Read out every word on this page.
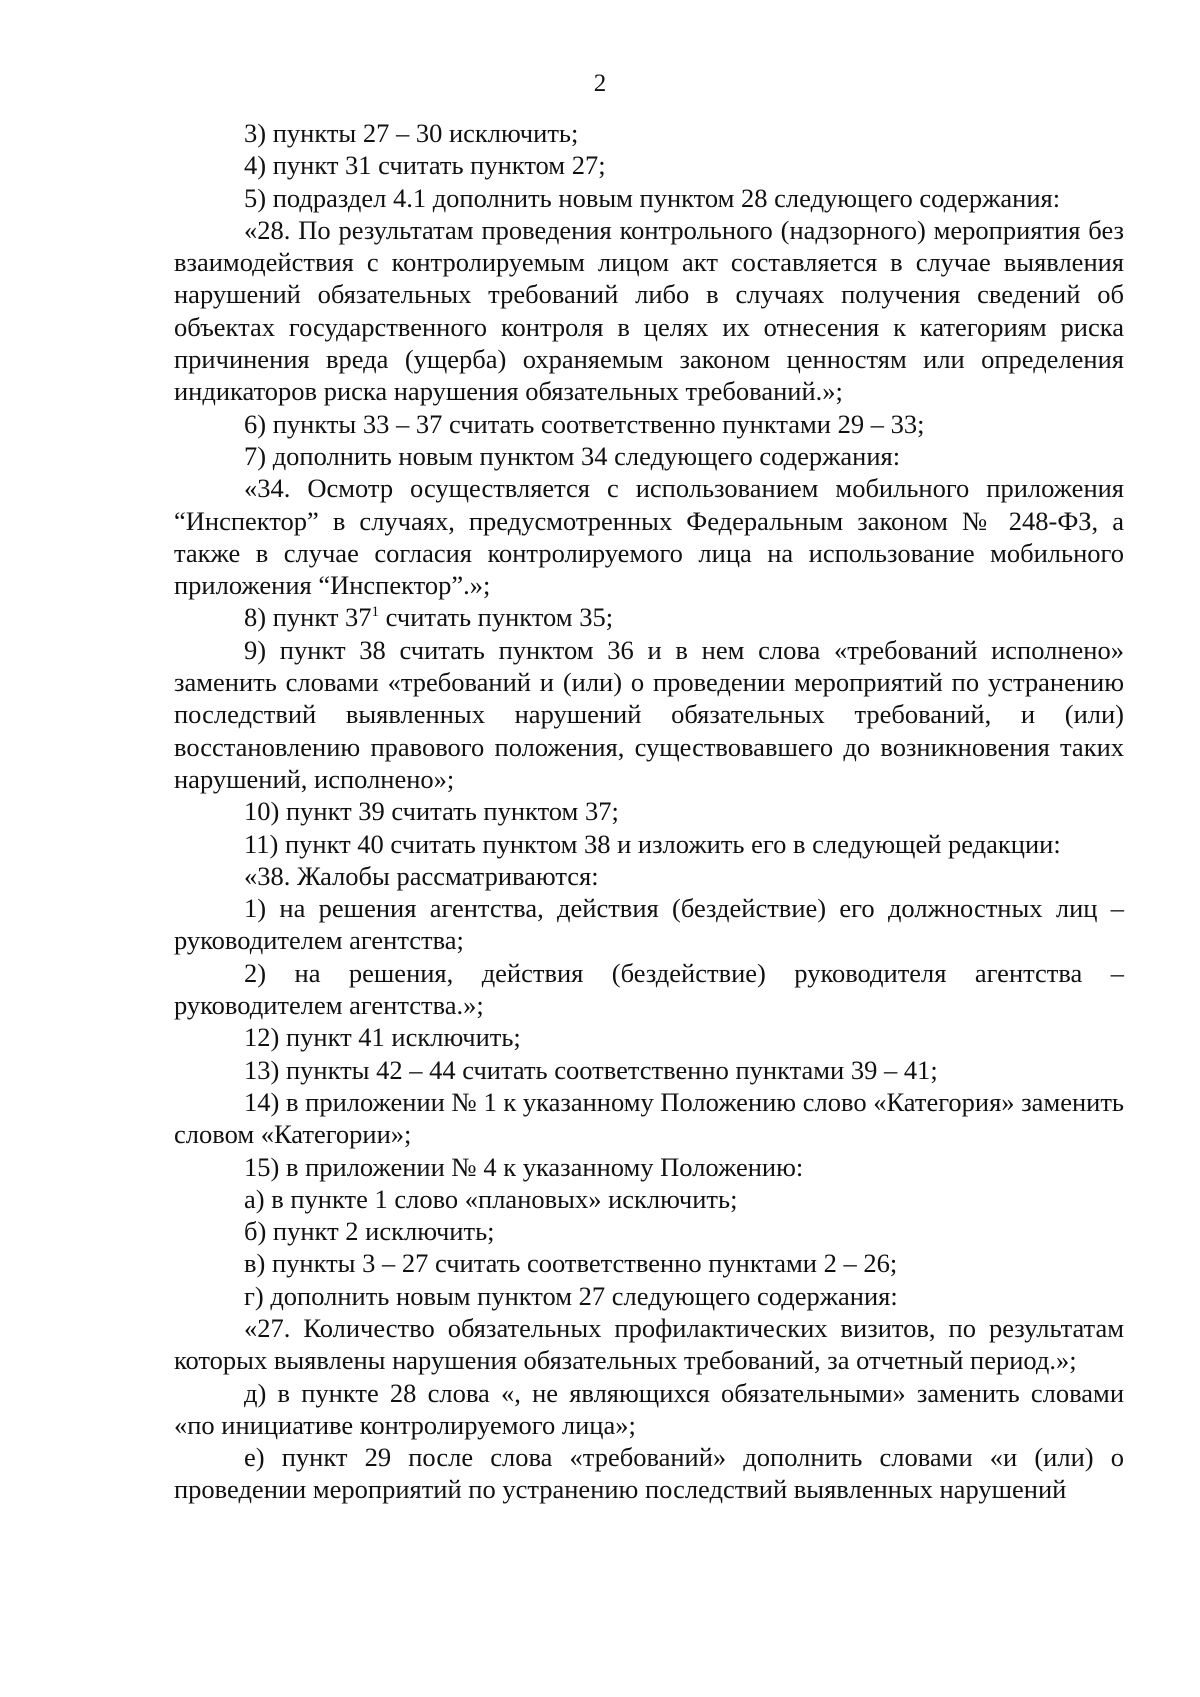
2

3) пункты 27 – 30 исключить;

4) пункт 31 считать пунктом 27;

5) подраздел 4.1 дополнить новым пунктом 28 следующего содержания:

«28. По результатам проведения контрольного (надзорного) мероприятия без взаимодействия с контролируемым лицом акт составляется в случае выявления нарушений обязательных требований либо в случаях получения сведений об объектах государственного контроля в целях их отнесения к категориям риска причинения вреда (ущерба) охраняемым законом ценностям или определения индикаторов риска нарушения обязательных требований.»;

6) пункты 33 – 37 считать соответственно пунктами 29 – 33;

7) дополнить новым пунктом 34 следующего содержания:

«34. Осмотр осуществляется с использованием мобильного приложения “Инспектор” в случаях, предусмотренных Федеральным законом № 248-ФЗ, а также в случае согласия контролируемого лица на использование мобильного приложения “Инспектор”.»;

8) пункт $37^1$ считать пунктом 35;

9) пункт 38 считать пунктом 36 и в нем слова «требований исполнено» заменить словами «требований и (или) о проведении мероприятий по устранению последствий выявленных нарушений обязательных требований, и (или) восстановлению правового положения, существовавшего до возникновения таких нарушений, исполнено»;

10) пункт 39 считать пунктом 37;

11) пункт 40 считать пунктом 38 и изложить его в следующей редакции:

«38. Жалобы рассматриваются:

1) на решения агентства, действия (бездействие) его должностных лиц – руководителем агентства;

2) на решения, действия (бездействие) руководителя агентства – руководителем агентства.»;

12) пункт 41 исключить;

13) пункты 42 – 44 считать соответственно пунктами 39 – 41;

14) в приложении № 1 к указанному Положению слово «Категория» заменить словом «Категории»;

15) в приложении № 4 к указанному Положению:

а) в пункте 1 слово «плановых» исключить;

б) пункт 2 исключить;

в) пункты 3 – 27 считать соответственно пунктами 2 – 26;

г) дополнить новым пунктом 27 следующего содержания:

«27. Количество обязательных профилактических визитов, по результатам которых выявлены нарушения обязательных требований, за отчетный период.»;

д) в пункте 28 слова «, не являющихся обязательными» заменить словами «по инициативе контролируемого лица»;

е) пункт 29 после слова «требований» дополнить словами «и (или) о проведении мероприятий по устранению последствий выявленных нарушений
